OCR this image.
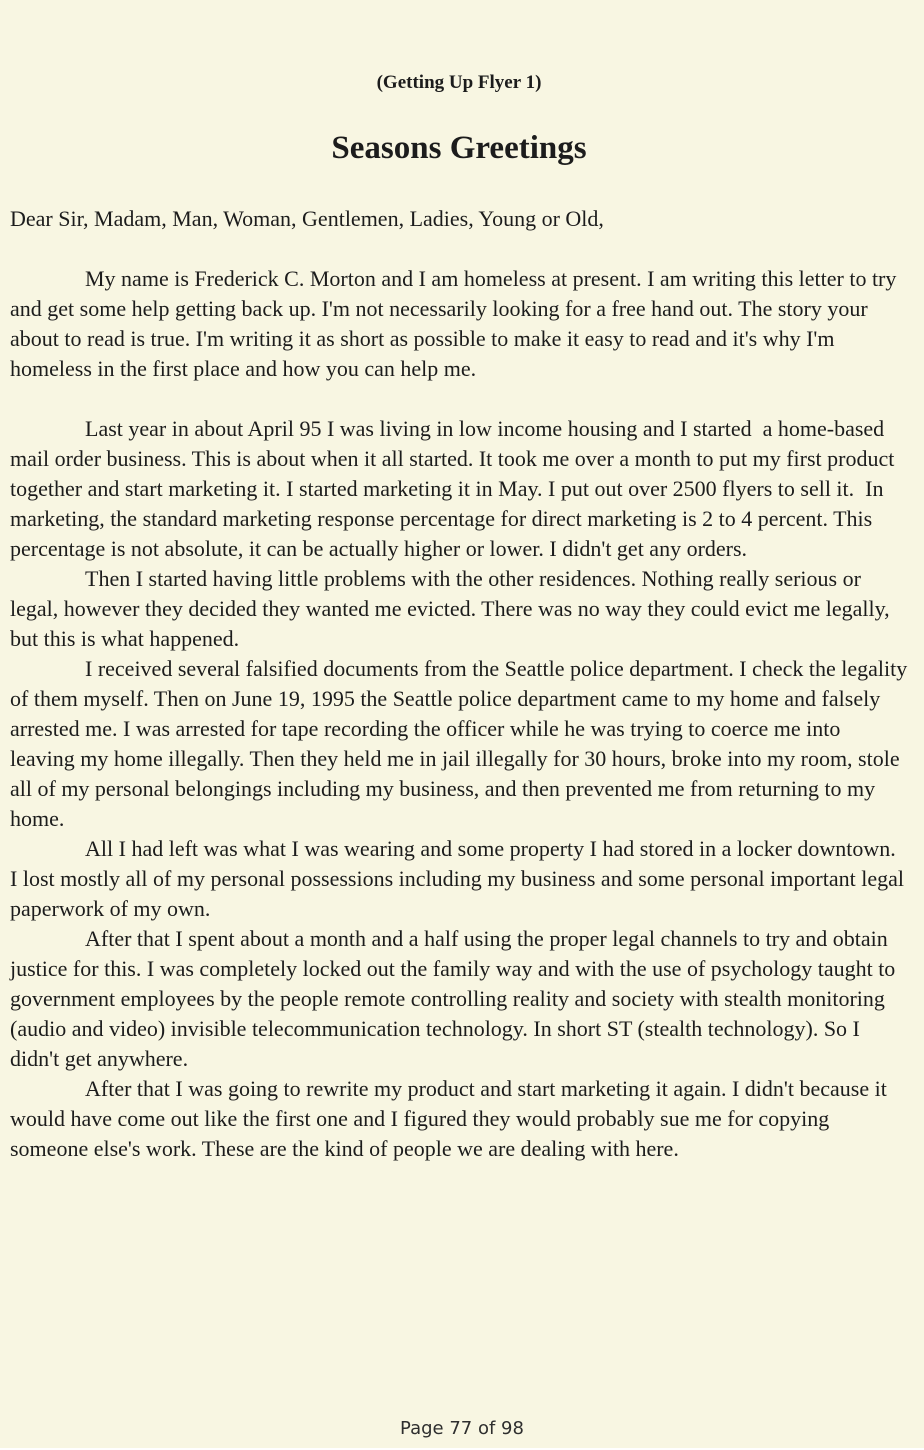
(Getting Up Flyer 1)
Seasons Greetings

Dear Sir, Madam, Man, Woman, Gentlemen, Ladies, Young or Old,

My name is Frederick C. Morton and I am homeless at present. I am writing this letter to try and get some help getting back up. I'm not necessarily looking for a free hand out. The story your about to read is true. I'm writing it as short as possible to make it easy to read and it's why I'm homeless in the first place and how you can help me.

Last year in about April 95 I was living in low income housing and I started  a home-based mail order business. This is about when it all started. It took me over a month to put my first product together and start marketing it. I started marketing it in May. I put out over 2500 flyers to sell it.  In marketing, the standard marketing response percentage for direct marketing is 2 to 4 percent. This percentage is not absolute, it can be actually higher or lower. I didn't get any orders.

Then I started having little problems with the other residences. Nothing really serious or legal, however they decided they wanted me evicted. There was no way they could evict me legally, but this is what happened.

I received several falsified documents from the Seattle police department. I check the legality of them myself. Then on June 19, 1995 the Seattle police department came to my home and falsely arrested me. I was arrested for tape recording the officer while he was trying to coerce me into leaving my home illegally. Then they held me in jail illegally for 30 hours, broke into my room, stole all of my personal belongings including my business, and then prevented me from returning to my home.

All I had left was what I was wearing and some property I had stored in a locker downtown. I lost mostly all of my personal possessions including my business and some personal important legal paperwork of my own.

After that I spent about a month and a half using the proper legal channels to try and obtain justice for this. I was completely locked out the family way and with the use of psychology taught to government employees by the people remote controlling reality and society with stealth monitoring (audio and video) invisible telecommunication technology. In short ST (stealth technology). So I didn't get anywhere.

After that I was going to rewrite my product and start marketing it again. I didn't because it would have come out like the first one and I figured they would probably sue me for copying someone else's work. These are the kind of people we are dealing with here.

Page 77 of 98
